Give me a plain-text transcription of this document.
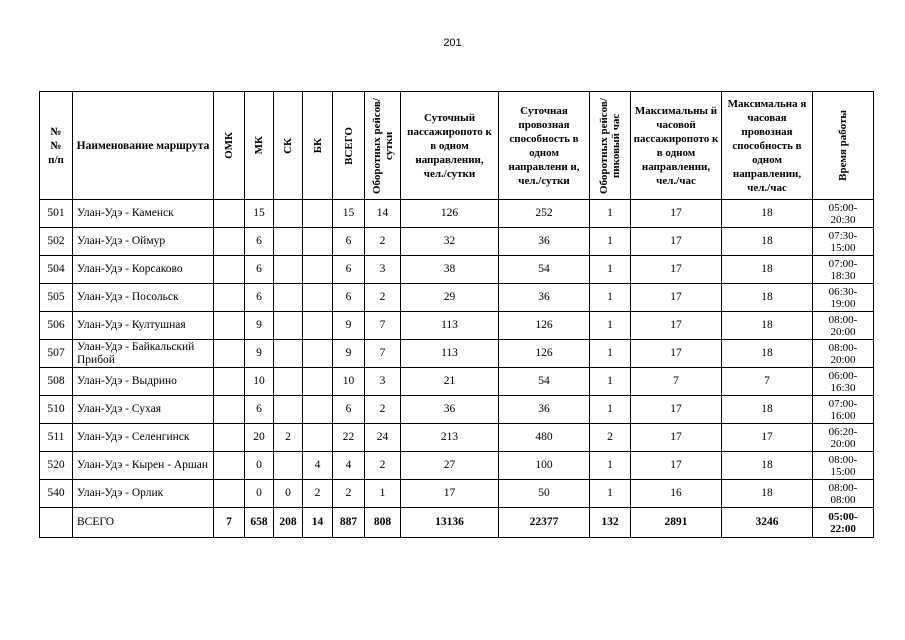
201
№
№
п/п	Наименование маршрута	ОМК	МК	СК	БК	ВСЕГО	Оборотных рейсов/сутки	Суточный пассажиропото к в одном направлении, чел./сутки	Суточная провозная способность в одном направлени и, чел./сутки	Оборотных рейсов/ пиковый час	Максимальны й часовой пассажиропото к в одном направлении, чел./час	Максимальна я часовая провозная способность в одном направлении, чел./час	Время работы

501	Улан-Удэ - Каменск		15			15	14	126	252	1	17	18	05:00-
20:30

502	Улан-Удэ - Оймур		6			6	2	32	36	1	17	18	07:30-
15:00

504	Улан-Удэ - Корсаково		6			6	3	38	54	1	17	18	07:00-
18:30

505	Улан-Удэ - Посольск		6			6	2	29	36	1	17	18	06:30-
19:00

506	Улан-Удэ - Култушная		9			9	7	113	126	1	17	18	08:00-
20:00

507	Улан-Удэ - Байкальский Прибой		9			9	7	113	126	1	17	18	08:00-
20:00

508	Улан-Удэ - Выдрино		10			10	3	21	54	1	7	7	06:00-
16:30

510	Улан-Удэ - Сухая		6			6	2	36	36	1	17	18	07:00-
16:00

511	Улан-Удэ - Селенгинск		20	2		22	24	213	480	2	17	17	06:20-
20:00

520	Улан-Удэ - Кырен - Аршан		0		4	4	2	27	100	1	17	18	08:00-
15:00

540	Улан-Удэ - Орлик		0	0	2	2	1	17	50	1	16	18	08:00-
08:00

	ВСЕГО	7	658	208	14	887	808	13136	22377	132	2891	3246	05:00-
22:00
